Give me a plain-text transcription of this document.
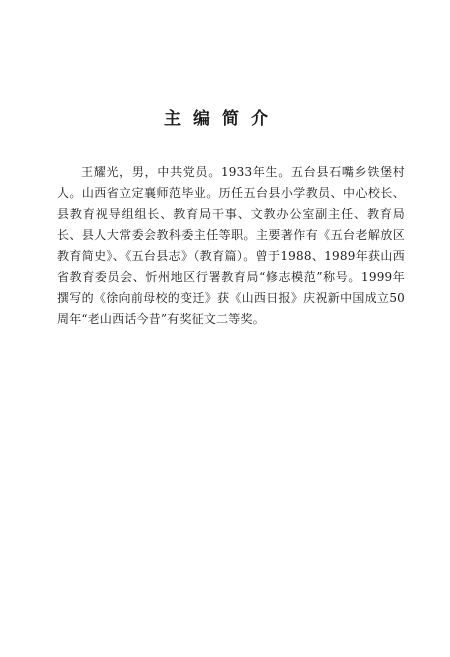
主编简介

王耀光，男，中共党员。1933年生。五台县石嘴乡铁堡村人。山西省立定襄师范毕业。历任五台县小学教员、中心校长、县教育视导组组长、教育局干事、文教办公室副主任、教育局长、县人大常委会教科委主任等职。主要著作有《五台老解放区教育简史》、《五台县志》（教育篇）。曾于1988、1989年获山西省教育委员会、忻州地区行署教育局“修志模范”称号。1999年撰写的《徐向前母校的变迁》获《山西日报》庆祝新中国成立50周年“老山西话今昔”有奖征文二等奖。
